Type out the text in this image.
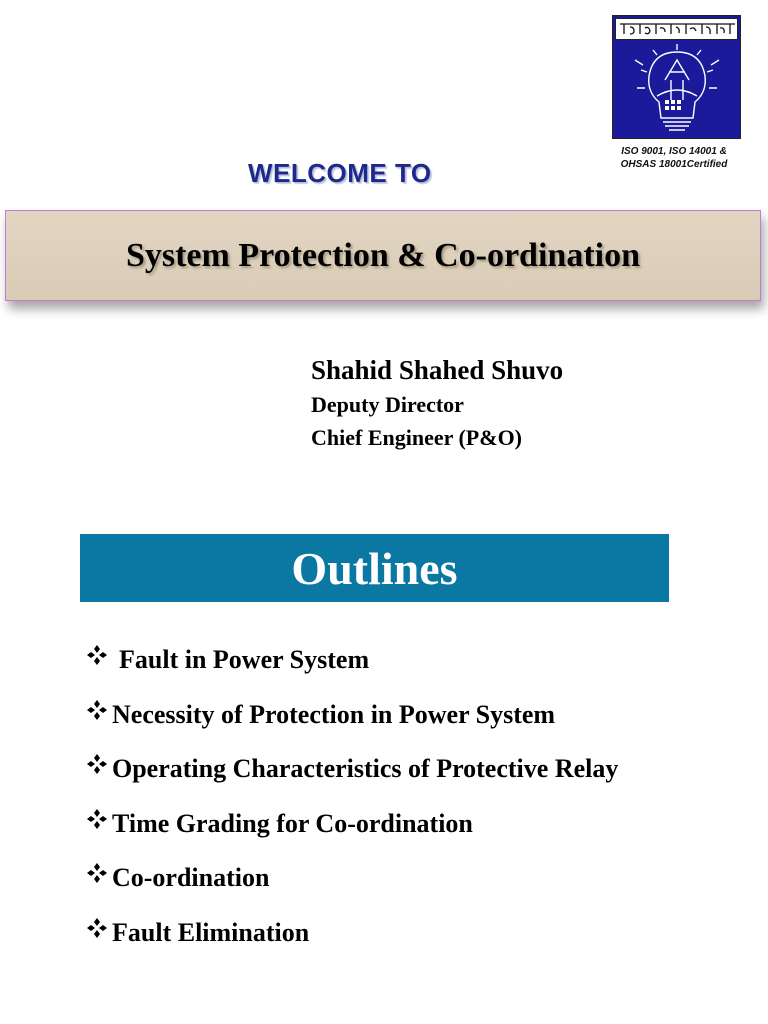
ISO 9001, ISO 14001 &
OHSAS 18001Certified
WELCOME TO
System Protection & Co-ordination
Shahid Shahed Shuvo
Deputy Director
Chief Engineer (P&O)
Outlines
Fault in Power System
Necessity of Protection in Power System
Operating Characteristics of Protective Relay
Time Grading for Co-ordination
Co-ordination
Fault Elimination
